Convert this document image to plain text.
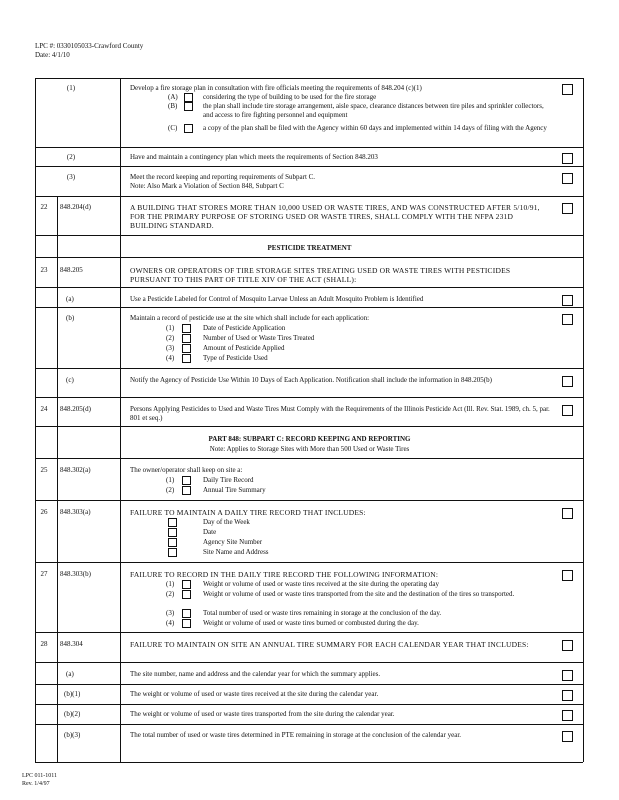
LPC #: 0330105033-Crawford County
Date: 4/1/10
(1)	Develop a fire storage plan in consultation with fire officials meeting the requirements of 848.204 (c)(1)
(A)	considering the type of building to be used for the fire storage
(B)	the plan shall include tire storage arrangement, aisle space, clearance distances between tire piles and sprinkler collectors, and access to fire fighting personnel and equipment
(C)	a copy of the plan shall be filed with the Agency within 60 days and implemented within 14 days of filing with the Agency
(2)	Have and maintain a contingency plan which meets the requirements of Section 848.203
(3)	Meet the record keeping and reporting requirements of Subpart C.
Note: Also Mark a Violation of Section 848, Subpart C
22	848.204(d)	A BUILDING THAT STORES MORE THAN 10,000 USED OR WASTE TIRES, AND WAS CONSTRUCTED AFTER 5/10/91, FOR THE PRIMARY PURPOSE OF STORING USED OR WASTE TIRES, SHALL COMPLY WITH THE NFPA 231D BUILDING STANDARD.
PESTICIDE TREATMENT
23	848.205	OWNERS OR OPERATORS OF TIRE STORAGE SITES TREATING USED OR WASTE TIRES WITH PESTICIDES PURSUANT TO THIS PART OF TITLE XIV OF THE ACT (SHALL):
(a)	Use a Pesticide Labeled for Control of Mosquito Larvae Unless an Adult Mosquito Problem is Identified
(b)	Maintain a record of pesticide use at the site which shall include for each application:
(1)	Date of Pesticide Application
(2)	Number of Used or Waste Tires Treated
(3)	Amount of Pesticide Applied
(4)	Type of Pesticide Used
(c)	Notify the Agency of Pesticide Use Within 10 Days of Each Application. Notification shall include the information in 848.205(b)
24	848.205(d)	Persons Applying Pesticides to Used and Waste Tires Must Comply with the Requirements of the Illinois Pesticide Act (Ill. Rev. Stat. 1989, ch. 5, par. 801 et seq.)
PART 848: SUBPART C: RECORD KEEPING AND REPORTING
Note: Applies to Storage Sites with More than 500 Used or Waste Tires
25	848.302(a)	The owner/operator shall keep on site a:
(1)	Daily Tire Record
(2)	Annual Tire Summary
26	848.303(a)	FAILURE TO MAINTAIN A DAILY TIRE RECORD THAT INCLUDES:
Day of the Week
Date
Agency Site Number
Site Name and Address
27	848.303(b)	FAILURE TO RECORD IN THE DAILY TIRE RECORD THE FOLLOWING INFORMATION:
(1)	Weight or volume of used or waste tires received at the site during the operating day
(2)	Weight or volume of used or waste tires transported from the site and the destination of the tires so transported.
(3)	Total number of used or waste tires remaining in storage at the conclusion of the day.
(4)	Weight or volume of used or waste tires burned or combusted during the day.
28	848.304	FAILURE TO MAINTAIN ON SITE AN ANNUAL TIRE SUMMARY FOR EACH CALENDAR YEAR THAT INCLUDES:
(a)	The site number, name and address and the calendar year for which the summary applies.
(b)(1)	The weight or volume of used or waste tires received at the site during the calendar year.
(b)(2)	The weight or volume of used or waste tires transported from the site during the calendar year.
(b)(3)	The total number of used or waste tires determined in PTE remaining in storage at the conclusion of the calendar year.
LPC 011-1011
Rev. 1/4/97
